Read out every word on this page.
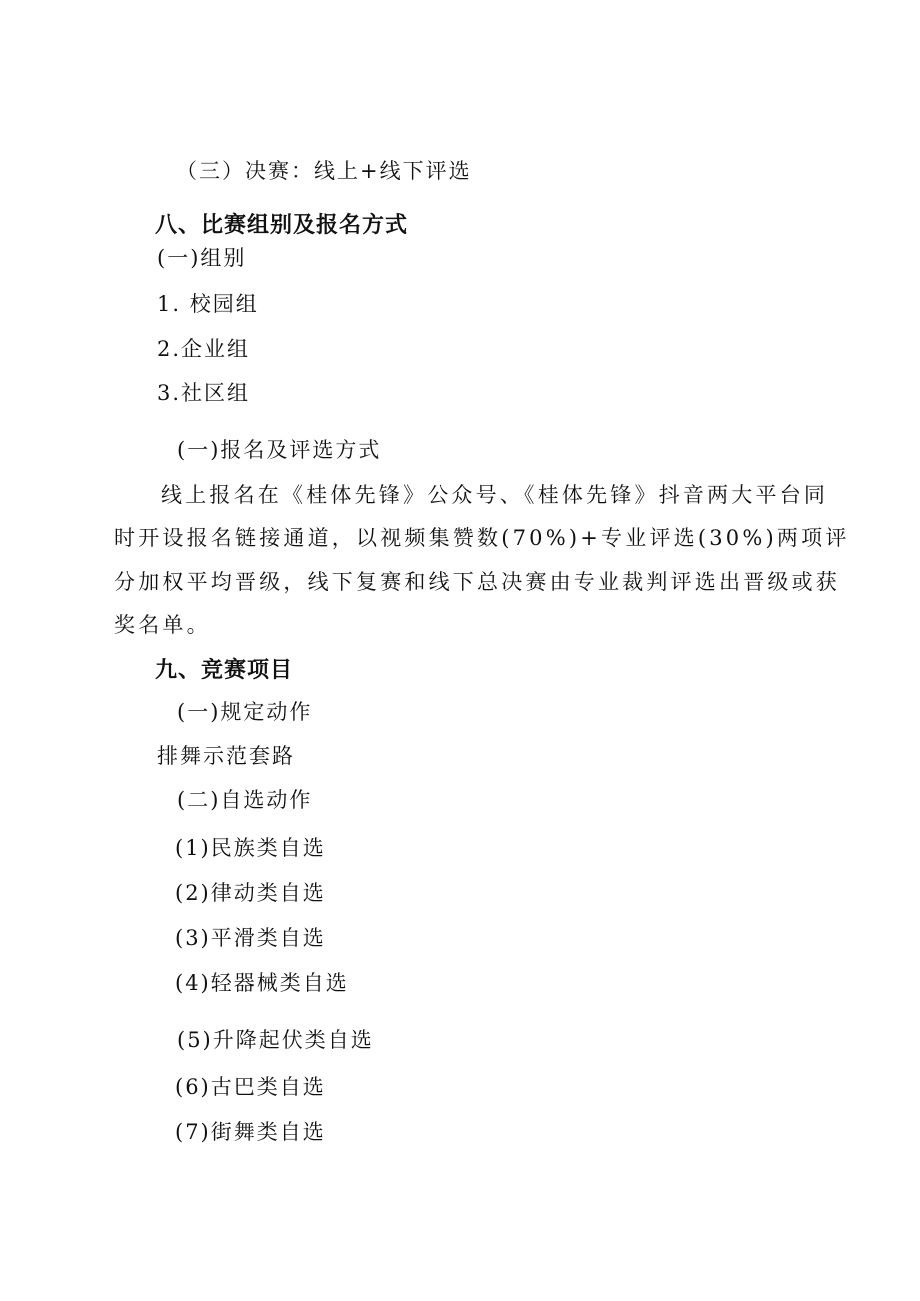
（三）决赛：线上+线下评选
八、比赛组别及报名方式
(一)组别
1. 校园组
2.企业组
3.社区组
(一)报名及评选方式
线上报名在《桂体先锋》公众号、《桂体先锋》抖音两大平台同
时开设报名链接通道，以视频集赞数(70%)+专业评选(30%)两项评
分加权平均晋级，线下复赛和线下总决赛由专业裁判评选出晋级或获
奖名单。
九、竞赛项目
(一)规定动作
排舞示范套路
(二)自选动作
(1)民族类自选
(2)律动类自选
(3)平滑类自选
(4)轻器械类自选
(5)升降起伏类自选
(6)古巴类自选
(7)街舞类自选
